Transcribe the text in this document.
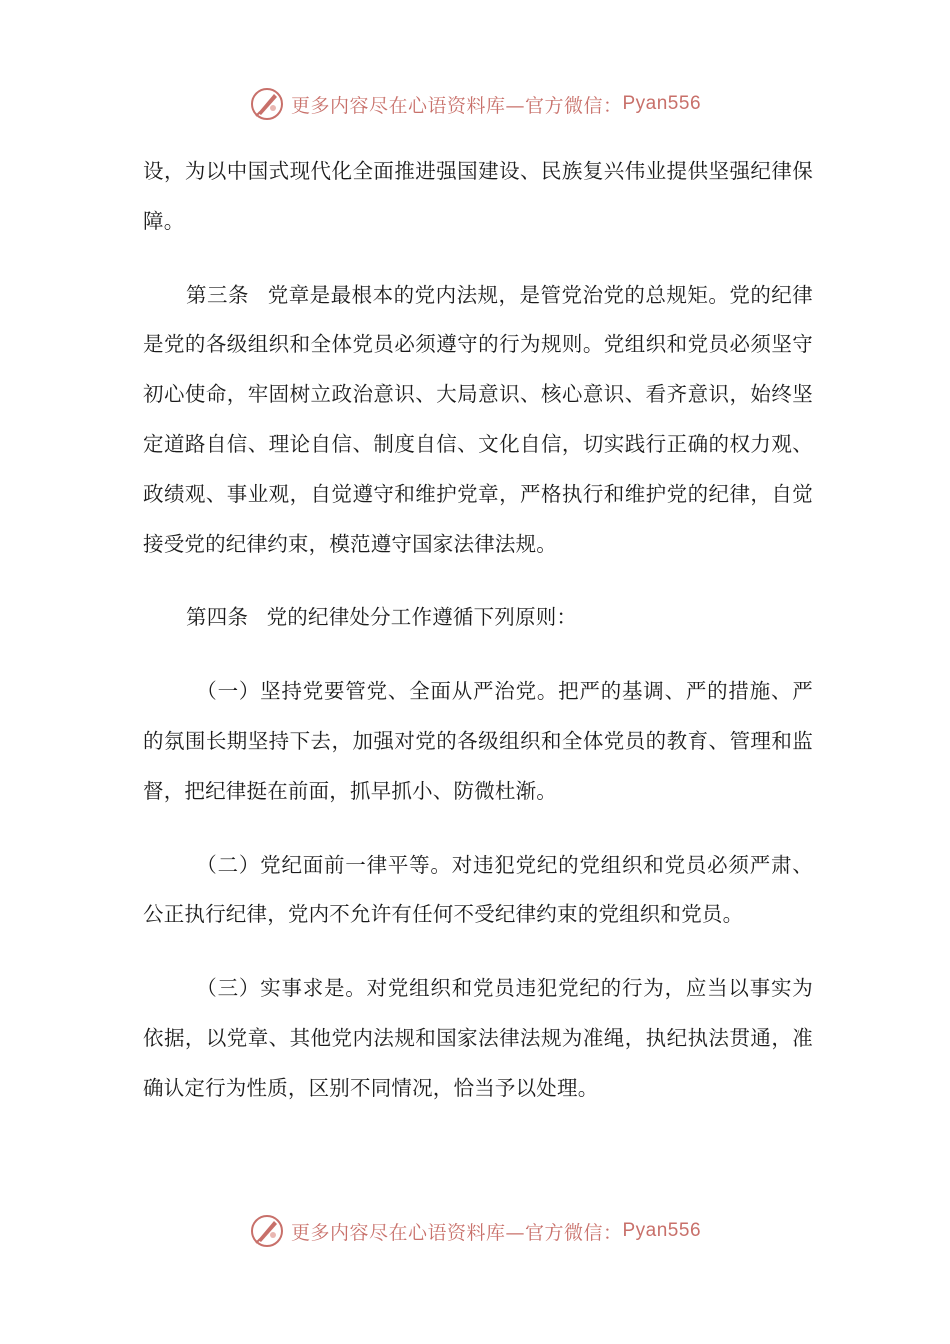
更多内容尽在心语资料库—官方微信： Pyan556

设，为以中国式现代化全面推进强国建设、民族复兴伟业提供坚强纪律保障。

第三条 党章是最根本的党内法规，是管党治党的总规矩。党的纪律是党的各级组织和全体党员必须遵守的行为规则。党组织和党员必须坚守初心使命，牢固树立政治意识、大局意识、核心意识、看齐意识，始终坚定道路自信、理论自信、制度自信、文化自信，切实践行正确的权力观、政绩观、事业观，自觉遵守和维护党章，严格执行和维护党的纪律，自觉接受党的纪律约束，模范遵守国家法律法规。

第四条 党的纪律处分工作遵循下列原则：

（一）坚持党要管党、全面从严治党。把严的基调、严的措施、严的氛围长期坚持下去，加强对党的各级组织和全体党员的教育、管理和监督，把纪律挺在前面，抓早抓小、防微杜渐。

（二）党纪面前一律平等。对违犯党纪的党组织和党员必须严肃、公正执行纪律，党内不允许有任何不受纪律约束的党组织和党员。

（三）实事求是。对党组织和党员违犯党纪的行为，应当以事实为依据，以党章、其他党内法规和国家法律法规为准绳，执纪执法贯通，准确认定行为性质，区别不同情况，恰当予以处理。

更多内容尽在心语资料库—官方微信： Pyan556
